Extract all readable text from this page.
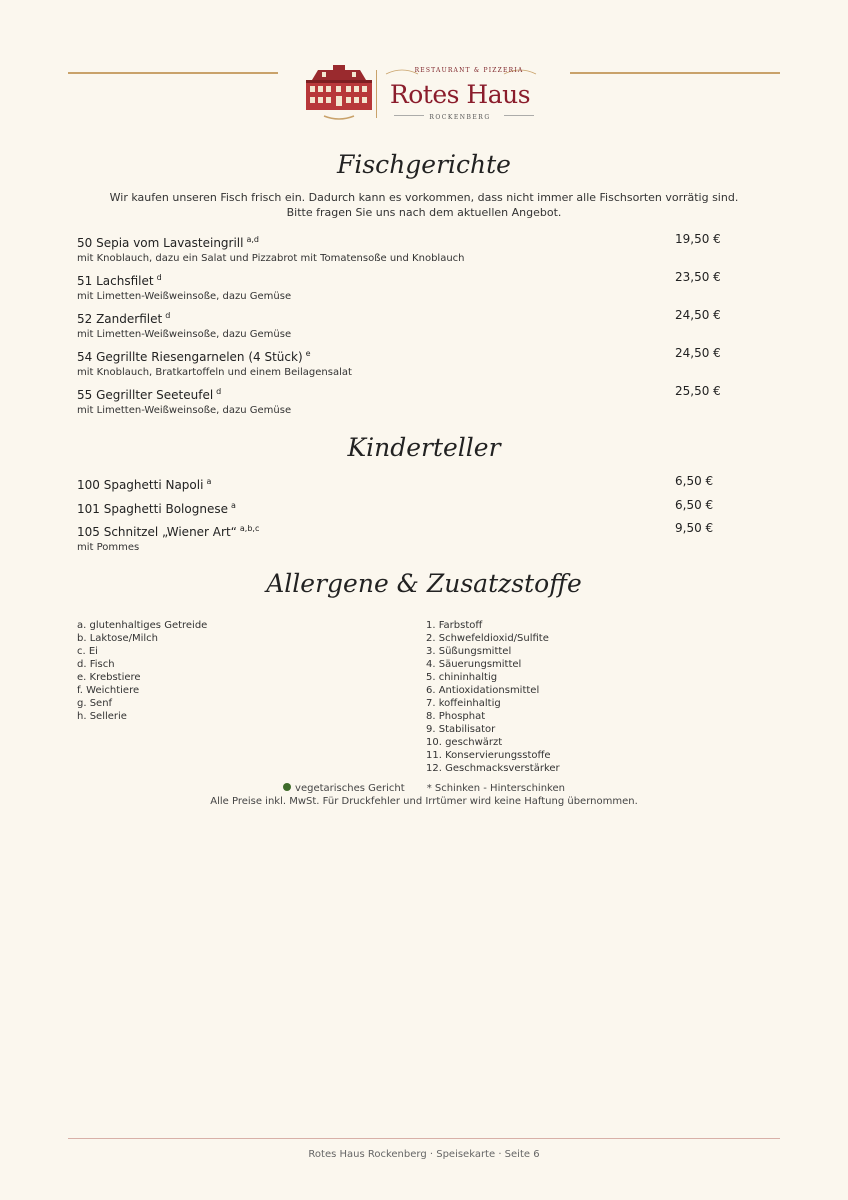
RESTAURANT & PIZZERIA
Rotes Haus
ROCKENBERG
Fischgerichte
Wir kaufen unseren Fisch frisch ein. Dadurch kann es vorkommen, dass nicht immer alle Fischsorten vorrätig sind.
Bitte fragen Sie uns nach dem aktuellen Angebot.
50 Sepia vom Lavasteingrill $^{a,d}$
mit Knoblauch, dazu ein Salat und Pizzabrot mit Tomatensoße und Knoblauch
19,50 €
51 Lachsfilet $^d$
mit Limetten-Weißweinsoße, dazu Gemüse
23,50 €
52 Zanderfilet $^d$
mit Limetten-Weißweinsoße, dazu Gemüse
24,50 €
54 Gegrillte Riesengarnelen (4 Stück) $^e$
mit Knoblauch, Bratkartoffeln und einem Beilagensalat
24,50 €
55 Gegrillter Seeteufel $^d$
mit Limetten-Weißweinsoße, dazu Gemüse
25,50 €
Kinderteller
100 Spaghetti Napoli $^a$	6,50 €
101 Spaghetti Bolognese $^a$	6,50 €
105 Schnitzel „Wiener Art“ $^{a,b,c}$
mit Pommes
9,50 €
Allergene & Zusatzstoffe
a. glutenhaltiges Getreide
b. Laktose/Milch
c. Ei
d. Fisch
e. Krebstiere
f. Weichtiere
g. Senf
h. Sellerie
1. Farbstoff
2. Schwefeldioxid/Sulfite
3. Süßungsmittel
4. Säuerungsmittel
5. chininhaltig
6. Antioxidationsmittel
7. koffeinhaltig
8. Phosphat
9. Stabilisator
10. geschwärzt
11. Konservierungsstoffe
12. Geschmacksverstärker
vegetarisches Gericht * Schinken - Hinterschinken
Alle Preise inkl. MwSt. Für Druckfehler und Irrtümer wird keine Haftung übernommen.
Rotes Haus Rockenberg · Speisekarte · Seite 6
